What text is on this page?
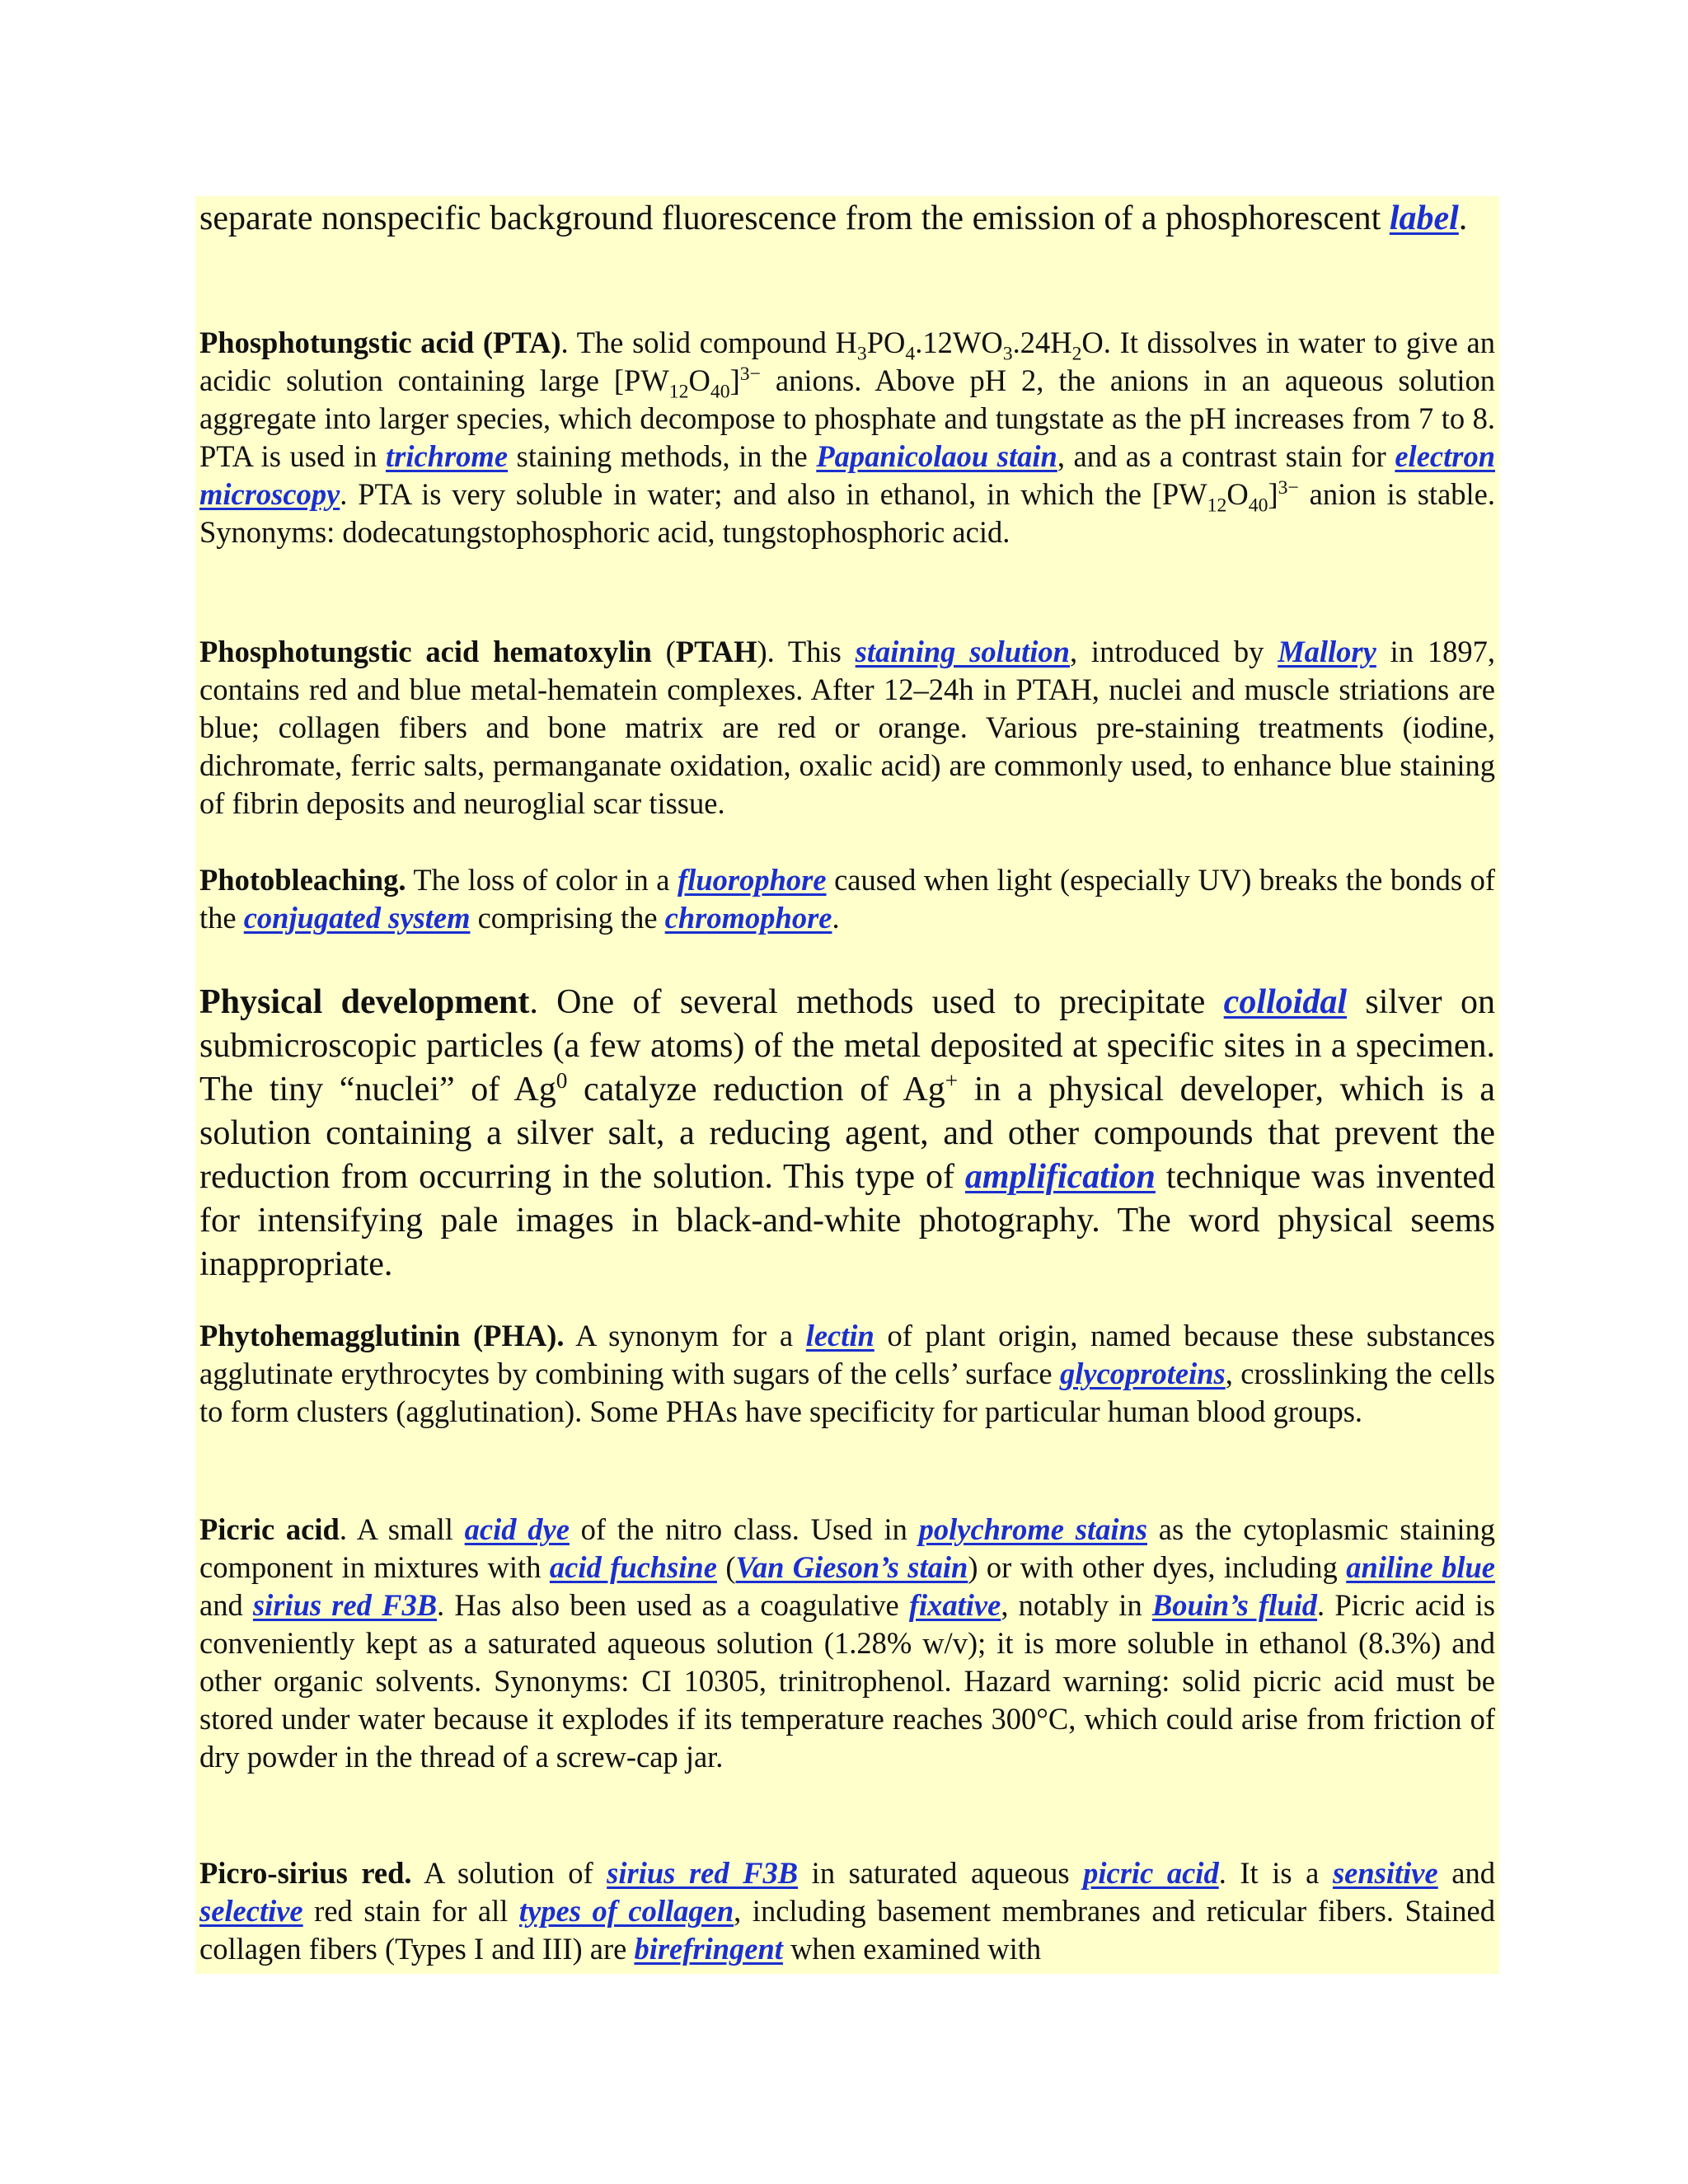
separate nonspecific background fluorescence from the emission of a phosphorescent label.

Phosphotungstic acid (PTA). The solid compound $H_3PO_4.12WO_3.24H_2O$. It dissolves in water to give an acidic solution containing large $[PW_{12}O_{40}]^{3-}$ anions. Above pH 2, the anions in an aqueous solution aggregate into larger species, which decompose to phosphate and tungstate as the pH increases from 7 to 8. PTA is used in trichrome staining methods, in the Papanicolaou stain, and as a contrast stain for electron microscopy. PTA is very soluble in water; and also in ethanol, in which the $[PW_{12}O_{40}]^{3-}$ anion is stable. Synonyms: dodecatungstophosphoric acid, tungstophosphoric acid.

Phosphotungstic acid hematoxylin (PTAH). This staining solution, introduced by Mallory in 1897, contains red and blue metal-hematein complexes. After 12–24h in PTAH, nuclei and muscle striations are blue; collagen fibers and bone matrix are red or orange. Various pre-staining treatments (iodine, dichromate, ferric salts, permanganate oxidation, oxalic acid) are commonly used, to enhance blue staining of fibrin deposits and neuroglial scar tissue.

Photobleaching. The loss of color in a fluorophore caused when light (especially UV) breaks the bonds of the conjugated system comprising the chromophore.

Physical development. One of several methods used to precipitate colloidal silver on submicroscopic particles (a few atoms) of the metal deposited at specific sites in a specimen. The tiny “nuclei” of Ag$^0$ catalyze reduction of Ag+ in a physical developer, which is a solution containing a silver salt, a reducing agent, and other compounds that prevent the reduction from occurring in the solution. This type of amplification technique was invented for intensifying pale images in black-and-white photography. The word physical seems inappropriate.

Phytohemagglutinin (PHA). A synonym for a lectin of plant origin, named because these substances agglutinate erythrocytes by combining with sugars of the cells’ surface glycoproteins, crosslinking the cells to form clusters (agglutination). Some PHAs have specificity for particular human blood groups.

Picric acid. A small acid dye of the nitro class. Used in polychrome stains as the cytoplasmic staining component in mixtures with acid fuchsine (Van Gieson’s stain) or with other dyes, including aniline blue and sirius red F3B. Has also been used as a coagulative fixative, notably in Bouin’s fluid. Picric acid is conveniently kept as a saturated aqueous solution (1.28% w/v); it is more soluble in ethanol (8.3%) and other organic solvents. Synonyms: CI 10305, trinitrophenol. Hazard warning: solid picric acid must be stored under water because it explodes if its temperature reaches 300°C, which could arise from friction of dry powder in the thread of a screw-cap jar.

Picro-sirius red. A solution of sirius red F3B in saturated aqueous picric acid. It is a sensitive and selective red stain for all types of collagen, including basement membranes and reticular fibers. Stained collagen fibers (Types I and III) are birefringent when examined with
